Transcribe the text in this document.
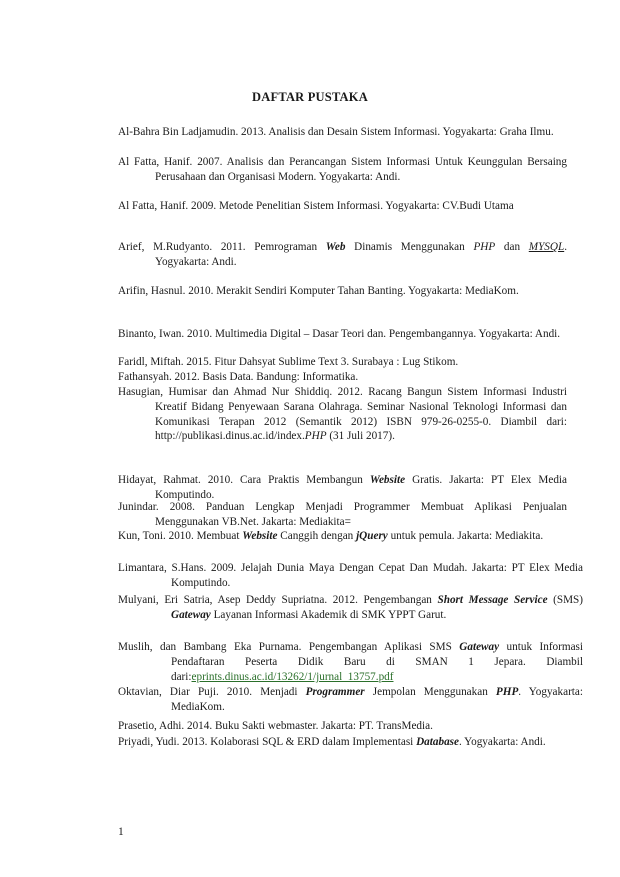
DAFTAR PUSTAKA
Al-Bahra Bin Ladjamudin. 2013. Analisis dan Desain Sistem Informasi. Yogyakarta: Graha Ilmu.
Al Fatta, Hanif. 2007. Analisis dan Perancangan Sistem Informasi Untuk Keunggulan Bersaing Perusahaan dan Organisasi Modern. Yogyakarta: Andi.
Al Fatta, Hanif. 2009. Metode Penelitian Sistem Informasi. Yogyakarta: CV.Budi Utama
Arief, M.Rudyanto. 2011. Pemrograman Web Dinamis Menggunakan PHP dan MYSQL. Yogyakarta: Andi.
Arifin, Hasnul. 2010. Merakit Sendiri Komputer Tahan Banting. Yogyakarta: MediaKom.
Binanto, Iwan. 2010. Multimedia Digital – Dasar Teori dan. Pengembangannya. Yogyakarta: Andi.
Faridl, Miftah. 2015. Fitur Dahsyat Sublime Text 3. Surabaya : Lug Stikom.
Fathansyah. 2012. Basis Data. Bandung: Informatika.
Hasugian, Humisar dan Ahmad Nur Shiddiq. 2012. Racang Bangun Sistem Informasi Industri Kreatif Bidang Penyewaan Sarana Olahraga. Seminar Nasional Teknologi Informasi dan Komunikasi Terapan 2012 (Semantik 2012) ISBN 979-26-0255-0. Diambil dari: http://publikasi.dinus.ac.id/index.PHP (31 Juli 2017).
Hidayat, Rahmat. 2010. Cara Praktis Membangun Website Gratis. Jakarta: PT Elex Media Komputindo.
Junindar. 2008. Panduan Lengkap Menjadi Programmer Membuat Aplikasi Penjualan Menggunakan VB.Net. Jakarta: Mediakita=
Kun, Toni. 2010. Membuat Website Canggih dengan jQuery untuk pemula. Jakarta: Mediakita.
Limantara, S.Hans. 2009. Jelajah Dunia Maya Dengan Cepat Dan Mudah. Jakarta: PT Elex Media Komputindo.
Mulyani, Eri Satria, Asep Deddy Supriatna. 2012. Pengembangan Short Message Service (SMS) Gateway Layanan Informasi Akademik di SMK YPPT Garut.
Muslih, dan Bambang Eka Purnama. Pengembangan Aplikasi SMS Gateway untuk Informasi Pendaftaran Peserta Didik Baru di SMAN 1 Jepara. Diambil dari:eprints.dinus.ac.id/13262/1/jurnal_13757.pdf
Oktavian, Diar Puji. 2010. Menjadi Programmer Jempolan Menggunakan PHP. Yogyakarta: MediaKom.
Prasetio, Adhi. 2014. Buku Sakti webmaster. Jakarta: PT. TransMedia.
Priyadi, Yudi. 2013. Kolaborasi SQL & ERD dalam Implementasi Database. Yogyakarta: Andi.
1
